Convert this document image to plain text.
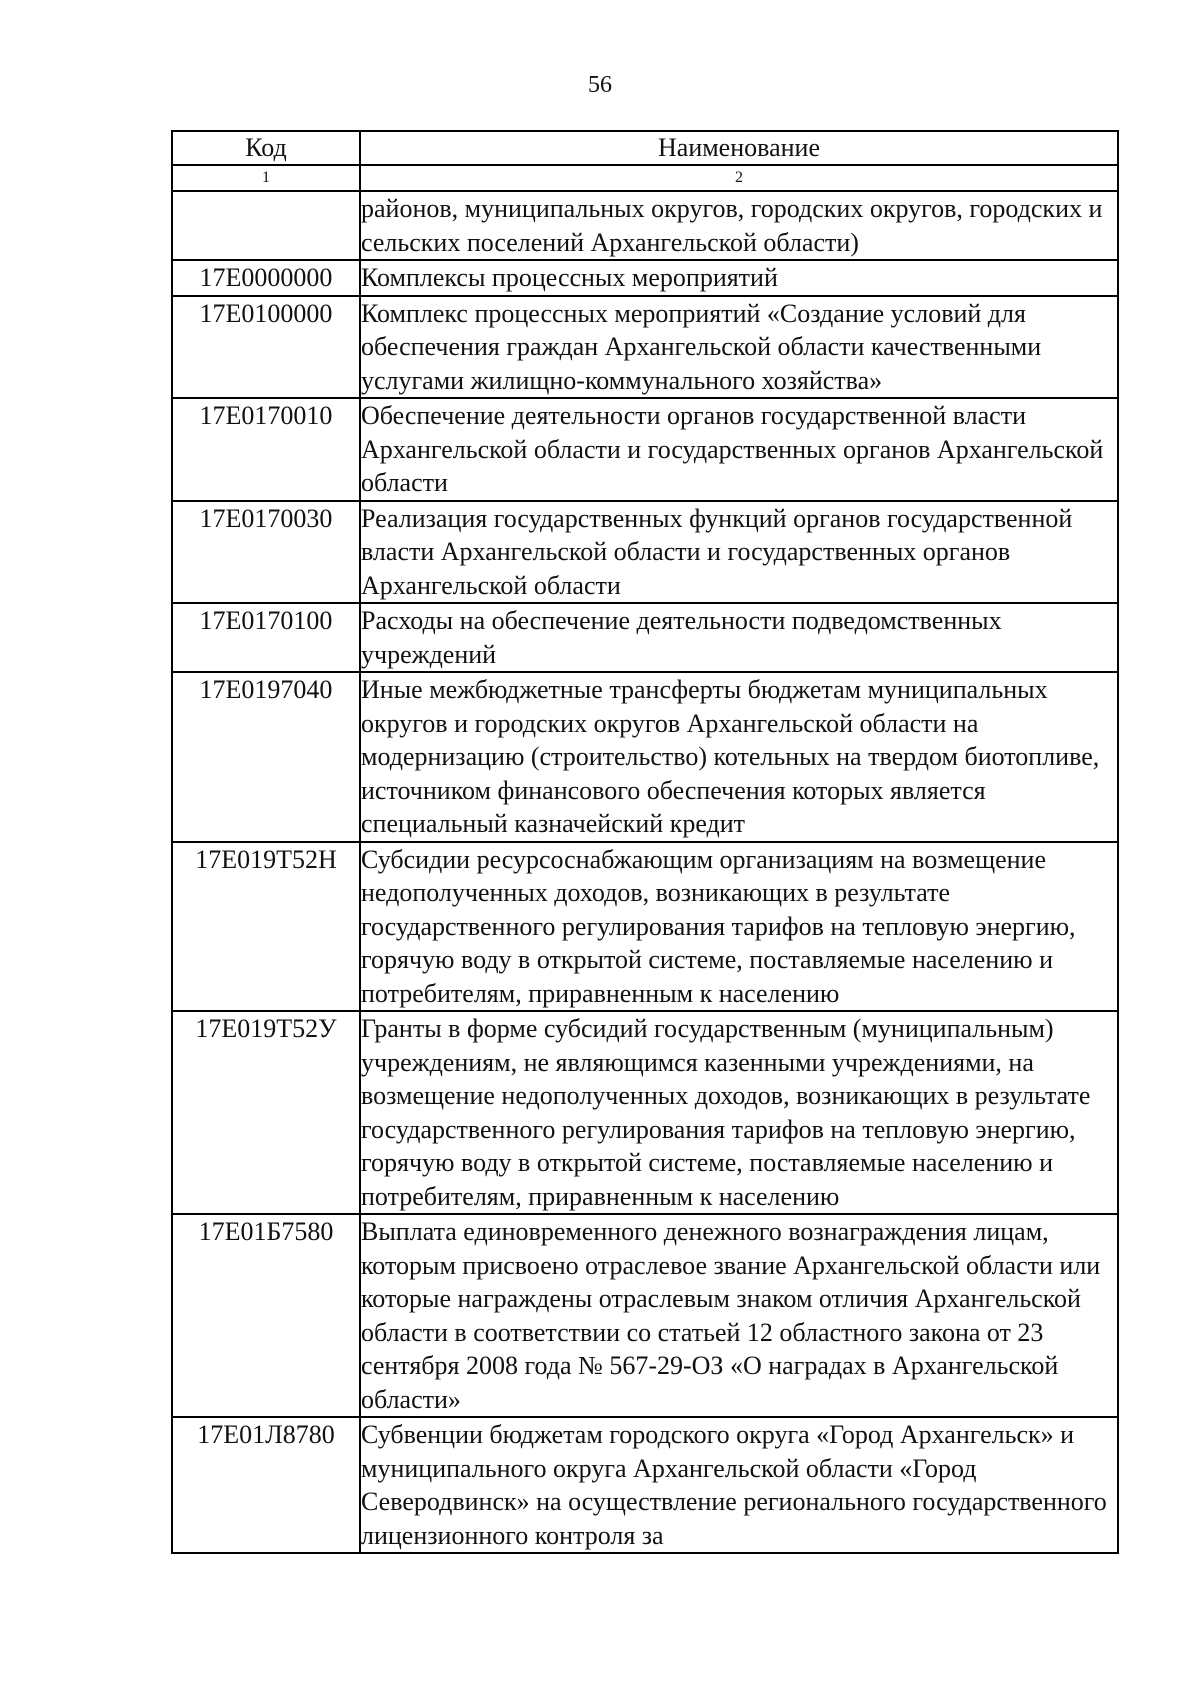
56
Код	Наименование
1	2
	районов, муниципальных округов, городских округов, городских и сельских поселений Архангельской области)
17Е0000000	Комплексы процессных мероприятий
17Е0100000	Комплекс процессных мероприятий «Создание условий для обеспечения граждан Архангельской области качественными услугами жилищно-коммунального хозяйства»
17Е0170010	Обеспечение деятельности органов государственной власти Архангельской области и государственных органов Архангельской области
17Е0170030	Реализация государственных функций органов государственной власти Архангельской области и государственных органов Архангельской области
17Е0170100	Расходы на обеспечение деятельности подведомственных учреждений
17Е0197040	Иные межбюджетные трансферты бюджетам муниципальных округов и городских округов Архангельской области на модернизацию (строительство) котельных на твердом биотопливе, источником финансового обеспечения которых является специальный казначейский кредит
17Е019Т52Н	Субсидии ресурсоснабжающим организациям на возмещение недополученных доходов, возникающих в результате государственного регулирования тарифов на тепловую энергию, горячую воду в открытой системе, поставляемые населению и потребителям, приравненным к населению
17Е019Т52У	Гранты в форме субсидий государственным (муниципальным) учреждениям, не являющимся казенными учреждениями, на возмещение недополученных доходов, возникающих в результате государственного регулирования тарифов на тепловую энергию, горячую воду в открытой системе, поставляемые населению и потребителям, приравненным к населению
17Е01Б7580	Выплата единовременного денежного вознаграждения лицам, которым присвоено отраслевое звание Архангельской области или которые награждены отраслевым знаком отличия Архангельской области в соответствии со статьей 12 областного закона от 23 сентября 2008 года № 567-29-ОЗ «О наградах в Архангельской области»
17Е01Л8780	Субвенции бюджетам городского округа «Город Архангельск» и муниципального округа Архангельской области «Город Северодвинск» на осуществление регионального государственного лицензионного контроля за
